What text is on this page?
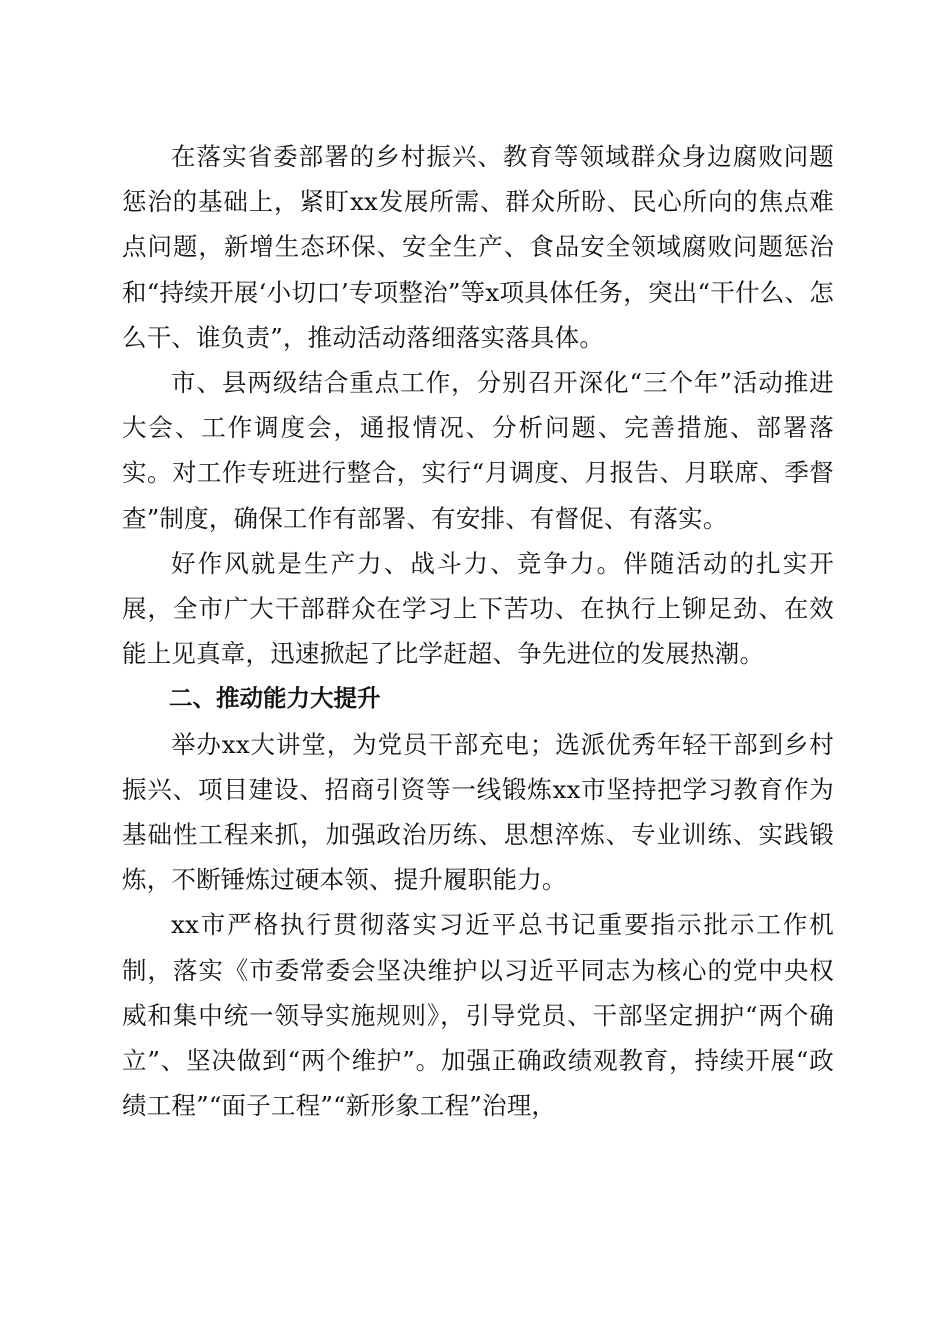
在落实省委部署的乡村振兴、教育等领域群众身边腐败问题惩治的基础上，紧盯xx发展所需、群众所盼、民心所向的焦点难点问题，新增生态环保、安全生产、食品安全领域腐败问题惩治和“持续开展‘小切口’专项整治”等x项具体任务，突出“干什么、怎么干、谁负责”，推动活动落细落实落具体。

市、县两级结合重点工作，分别召开深化“三个年”活动推进大会、工作调度会，通报情况、分析问题、完善措施、部署落实。对工作专班进行整合，实行“月调度、月报告、月联席、季督查”制度，确保工作有部署、有安排、有督促、有落实。

好作风就是生产力、战斗力、竞争力。伴随活动的扎实开展，全市广大干部群众在学习上下苦功、在执行上铆足劲、在效能上见真章，迅速掀起了比学赶超、争先进位的发展热潮。

二、推动能力大提升

举办xx大讲堂，为党员干部充电；选派优秀年轻干部到乡村振兴、项目建设、招商引资等一线锻炼xx市坚持把学习教育作为基础性工程来抓，加强政治历练、思想淬炼、专业训练、实践锻炼，不断锤炼过硬本领、提升履职能力。

xx市严格执行贯彻落实习近平总书记重要指示批示工作机制，落实《市委常委会坚决维护以习近平同志为核心的党中央权威和集中统一领导实施规则》，引导党员、干部坚定拥护“两个确立”、坚决做到“两个维护”。加强正确政绩观教育，持续开展“政绩工程”“面子工程”“新形象工程”治理，
